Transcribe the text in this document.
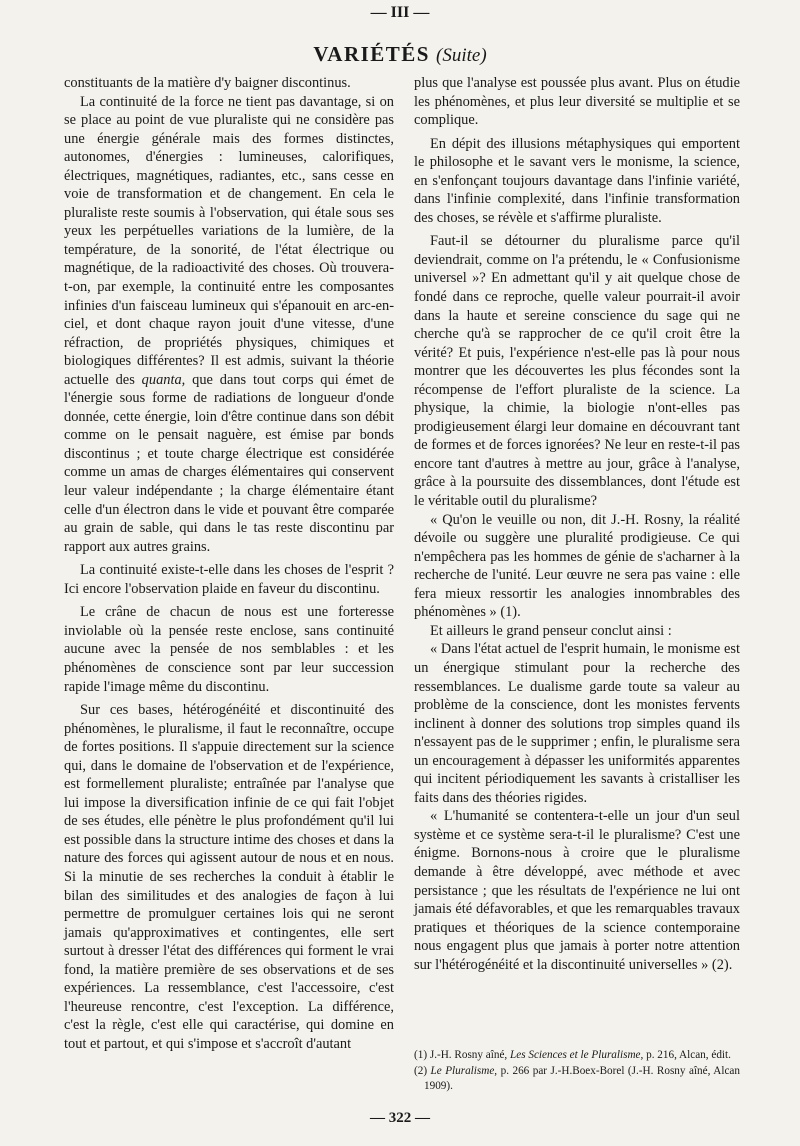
— III —
VARIÉTÉS (Suite)

constituants de la matière d'y baigner discontinus.

La continuité de la force ne tient pas davantage, si on se place au point de vue pluraliste qui ne considère pas une énergie générale mais des formes distinctes, autonomes, d'énergies : lumineuses, calorifiques, électriques, magnétiques, radiantes, etc., sans cesse en voie de transformation et de changement. En cela le pluraliste reste soumis à l'observation, qui étale sous ses yeux les perpétuelles variations de la lumière, de la température, de la sonorité, de l'état électrique ou magnétique, de la radioactivité des choses. Où trouvera-t-on, par exemple, la continuité entre les composantes infinies d'un faisceau lumineux qui s'épanouit en arc-en-ciel, et dont chaque rayon jouit d'une vitesse, d'une réfraction, de propriétés physiques, chimiques et biologiques différentes? Il est admis, suivant la théorie actuelle des quanta, que dans tout corps qui émet de l'énergie sous forme de radiations de longueur d'onde donnée, cette énergie, loin d'être continue dans son débit comme on le pensait naguère, est émise par bonds discontinus ; et toute charge électrique est considérée comme un amas de charges élémentaires qui conservent leur valeur indépendante ; la charge élémentaire étant celle d'un électron dans le vide et pouvant être comparée au grain de sable, qui dans le tas reste discontinu par rapport aux autres grains.

La continuité existe-t-elle dans les choses de l'esprit ? Ici encore l'observation plaide en faveur du discontinu.

Le crâne de chacun de nous est une forteresse inviolable où la pensée reste enclose, sans continuité aucune avec la pensée de nos semblables : et les phénomènes de conscience sont par leur succession rapide l'image même du discontinu.

Sur ces bases, hétérogénéité et discontinuité des phénomènes, le pluralisme, il faut le reconnaître, occupe de fortes positions. Il s'appuie directement sur la science qui, dans le domaine de l'observation et de l'expérience, est formellement pluraliste; entraînée par l'analyse que lui impose la diversification infinie de ce qui fait l'objet de ses études, elle pénètre le plus profondément qu'il lui est possible dans la structure intime des choses et dans la nature des forces qui agissent autour de nous et en nous. Si la minutie de ses recherches la conduit à établir le bilan des similitudes et des analogies de façon à lui permettre de promulguer certaines lois qui ne seront jamais qu'approximatives et contingentes, elle sert surtout à dresser l'état des différences qui forment le vrai fond, la matière première de ses observations et de ses expériences. La ressemblance, c'est l'accessoire, c'est l'heureuse rencontre, c'est l'exception. La différence, c'est la règle, c'est elle qui caractérise, qui domine en tout et partout, et qui s'impose et s'accroît d'autant

plus que l'analyse est poussée plus avant. Plus on étudie les phénomènes, et plus leur diversité se multiplie et se complique.

En dépit des illusions métaphysiques qui emportent le philosophe et le savant vers le monisme, la science, en s'enfonçant toujours davantage dans l'infinie variété, dans l'infinie complexité, dans l'infinie transformation des choses, se révèle et s'affirme pluraliste.

Faut-il se détourner du pluralisme parce qu'il deviendrait, comme on l'a prétendu, le « Confusionisme universel »? En admettant qu'il y ait quelque chose de fondé dans ce reproche, quelle valeur pourrait-il avoir dans la haute et sereine conscience du sage qui ne cherche qu'à se rapprocher de ce qu'il croit être la vérité? Et puis, l'expérience n'est-elle pas là pour nous montrer que les découvertes les plus fécondes sont la récompense de l'effort pluraliste de la science. La physique, la chimie, la biologie n'ont-elles pas prodigieusement élargi leur domaine en découvrant tant de formes et de forces ignorées? Ne leur en reste-t-il pas encore tant d'autres à mettre au jour, grâce à l'analyse, grâce à la poursuite des dissemblances, dont l'étude est le véritable outil du pluralisme?

« Qu'on le veuille ou non, dit J.-H. Rosny, la réalité dévoile ou suggère une pluralité prodigieuse. Ce qui n'empêchera pas les hommes de génie de s'acharner à la recherche de l'unité. Leur œuvre ne sera pas vaine : elle fera mieux ressortir les analogies innombrables des phénomènes » (1).

Et ailleurs le grand penseur conclut ainsi :

« Dans l'état actuel de l'esprit humain, le monisme est un énergique stimulant pour la recherche des ressemblances. Le dualisme garde toute sa valeur au problème de la conscience, dont les monistes fervents inclinent à donner des solutions trop simples quand ils n'essayent pas de le supprimer ; enfin, le pluralisme sera un encouragement à dépasser les uniformités apparentes qui incitent périodiquement les savants à cristalliser les faits dans des théories rigides.

« L'humanité se contentera-t-elle un jour d'un seul système et ce système sera-t-il le pluralisme? C'est une énigme. Bornons-nous à croire que le pluralisme demande à être développé, avec méthode et avec persistance ; que les résultats de l'expérience ne lui ont jamais été défavorables, et que les remarquables travaux pratiques et théoriques de la science contemporaine nous engagent plus que jamais à porter notre attention sur l'hétérogénéité et la discontinuité universelles » (2).

(1) J.-H. Rosny aîné, Les Sciences et le Pluralisme, p. 216, Alcan, édit.

(2) Le Pluralisme, p. 266 par J.-H.Boex-Borel (J.-H. Rosny aîné, Alcan 1909).

— 322 —
